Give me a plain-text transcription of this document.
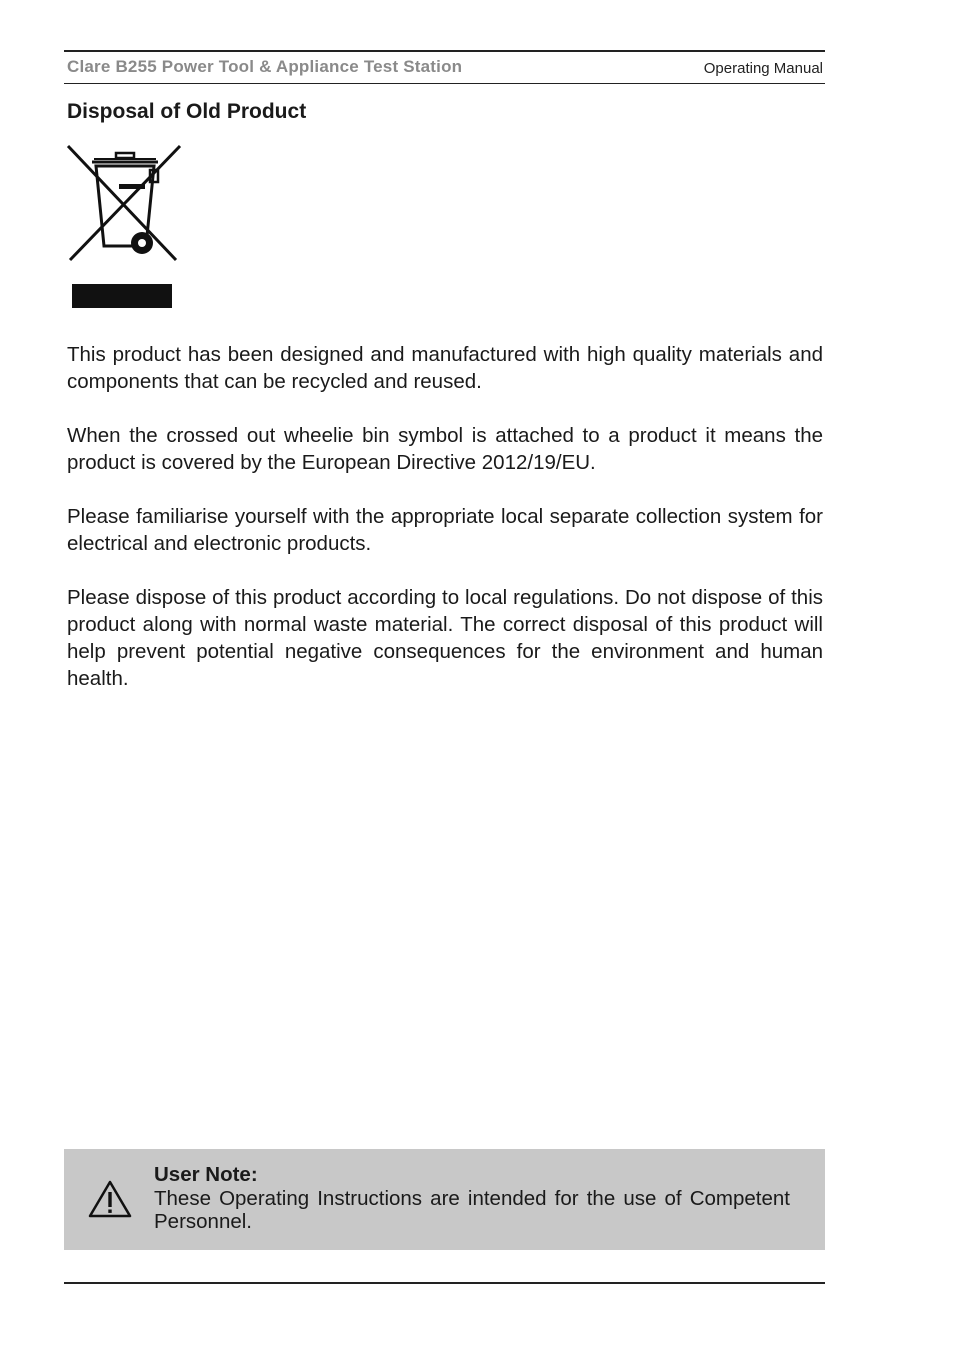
Clare B255 Power Tool & Appliance Test Station	Operating Manual
Disposal of Old Product

This product has been designed and manufactured with high quality materials and components that can be recycled and reused.

When the crossed out wheelie bin symbol is attached to a product it means the product is covered by the European Directive 2012/19/EU.

Please familiarise yourself with the appropriate local separate collection system for electrical and electronic products.

Please dispose of this product according to local regulations. Do not dispose of this product along with normal waste material. The correct disposal of this product will help prevent potential negative consequences for the environment and human health.

User Note:
These Operating Instructions are intended for the use of Competent Personnel.
